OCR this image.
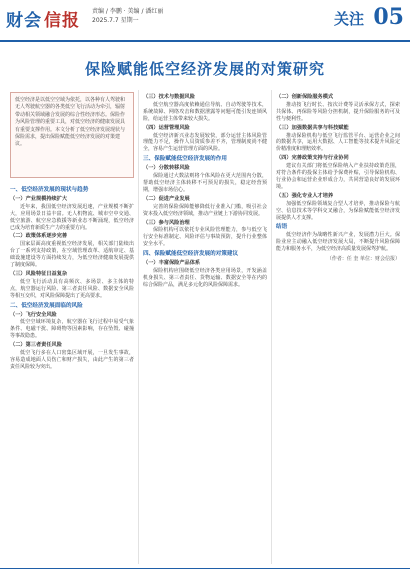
财会 信报 责编 / 李鹏 · 美编 / 潘红丽
2025.7.7 星期一	关注 05
保险赋能低空经济发展的对策研究
低空经济是以低空空域为依托，以各种有人驾驶和无人驾驶航空器的各类低空飞行活动为牵引，辐射带动相关领域融合发展的综合性经济形态。保险作为风险管理的重要工具，对低空经济的健康发展具有重要支撑作用。本文分析了低空经济发展现状与保险需求，提出保险赋能低空经济发展的对策建议。
一、低空经济发展的现状与趋势
（一）产业规模持续扩大

近年来，我国低空经济发展迅速，产业规模不断扩大，应用场景日益丰富。无人机物流、城市空中交通、低空旅游、航空应急救援等新业态不断涌现，低空经济已成为培育新质生产力的重要方向。

（二）政策体系逐步完善

国家层面高度重视低空经济发展，相关部门陆续出台了一系列支持政策，在空域管理改革、适航审定、基础设施建设等方面持续发力，为低空经济健康发展提供了制度保障。

（三）风险特征日益复杂

低空飞行活动具有高频次、多场景、多主体的特点，航空器运行风险、第三者责任风险、数据安全风险等相互交织，对风险保障提出了更高要求。

二、低空经济发展面临的风险
（一）飞行安全风险

低空空域环境复杂，航空器在飞行过程中易受气象条件、电磁干扰、障碍物等因素影响，存在坠毁、碰撞等事故隐患。

（二）第三者责任风险

低空飞行多在人口密集区域开展，一旦发生事故，容易造成地面人员伤亡和财产损失，由此产生的第三者责任风险较为突出。

（三）技术与数据风险

低空航空器高度依赖通信导航、自动驾驶等技术，系统故障、网络攻击和数据泄露等问题可能引发连锁风险，给运营主体带来较大损失。

（四）运营管理风险

低空经济新兴业态发展较快，部分运营主体风险管理能力不足，操作人员资质参差不齐，管理制度尚不健全，容易产生运营管理方面的风险。

三、保险赋能低空经济发展的作用
（一）分散转移风险

保险通过大数法则将个体风险在更大范围内分散，帮助低空经济主体转移不可预见的损失，稳定经营预期，增强市场信心。

（二）促进产业发展

完善的保险保障能够降低行业准入门槛，吸引社会资本投入低空经济领域，推动产业链上下游协同发展。

（三）参与风险治理

保险机构可以依托专业风险管理能力，参与低空飞行安全标准制定、风险评估与事故预防，提升行业整体安全水平。

四、保险赋能低空经济发展的对策建议
（一）丰富保险产品体系

保险机构应围绕低空经济各类应用场景，开发涵盖机身损失、第三者责任、货物运输、数据安全等在内的综合保险产品，满足多元化的风险保障需求。

（二）创新保险服务模式

推动按飞行时长、按次计费等灵活承保方式，探索共保体、再保险等风险分担机制，提升保险服务的可及性与便利性。

（三）加强数据共享与科技赋能

推动保险机构与低空飞行监管平台、运营企业之间的数据共享，运用大数据、人工智能等技术提升风险定价精准度和理赔效率。

（四）完善政策支持与行业协同

建议有关部门将低空保险纳入产业扶持政策范围，对符合条件的投保主体给予保费补贴，引导保险机构、行业协会和运营企业形成合力，共同营造良好的发展环境。

（五）强化专业人才培养

加强低空保险领域复合型人才培养，推动保险与航空、信息技术等学科交叉融合，为保险赋能低空经济发展提供人才支撑。

结语

低空经济作为战略性新兴产业，发展潜力巨大。保险业应主动融入低空经济发展大局，不断提升风险保障能力和服务水平，为低空经济高质量发展保驾护航。

（作者：任 奎 单位：财会信报）
